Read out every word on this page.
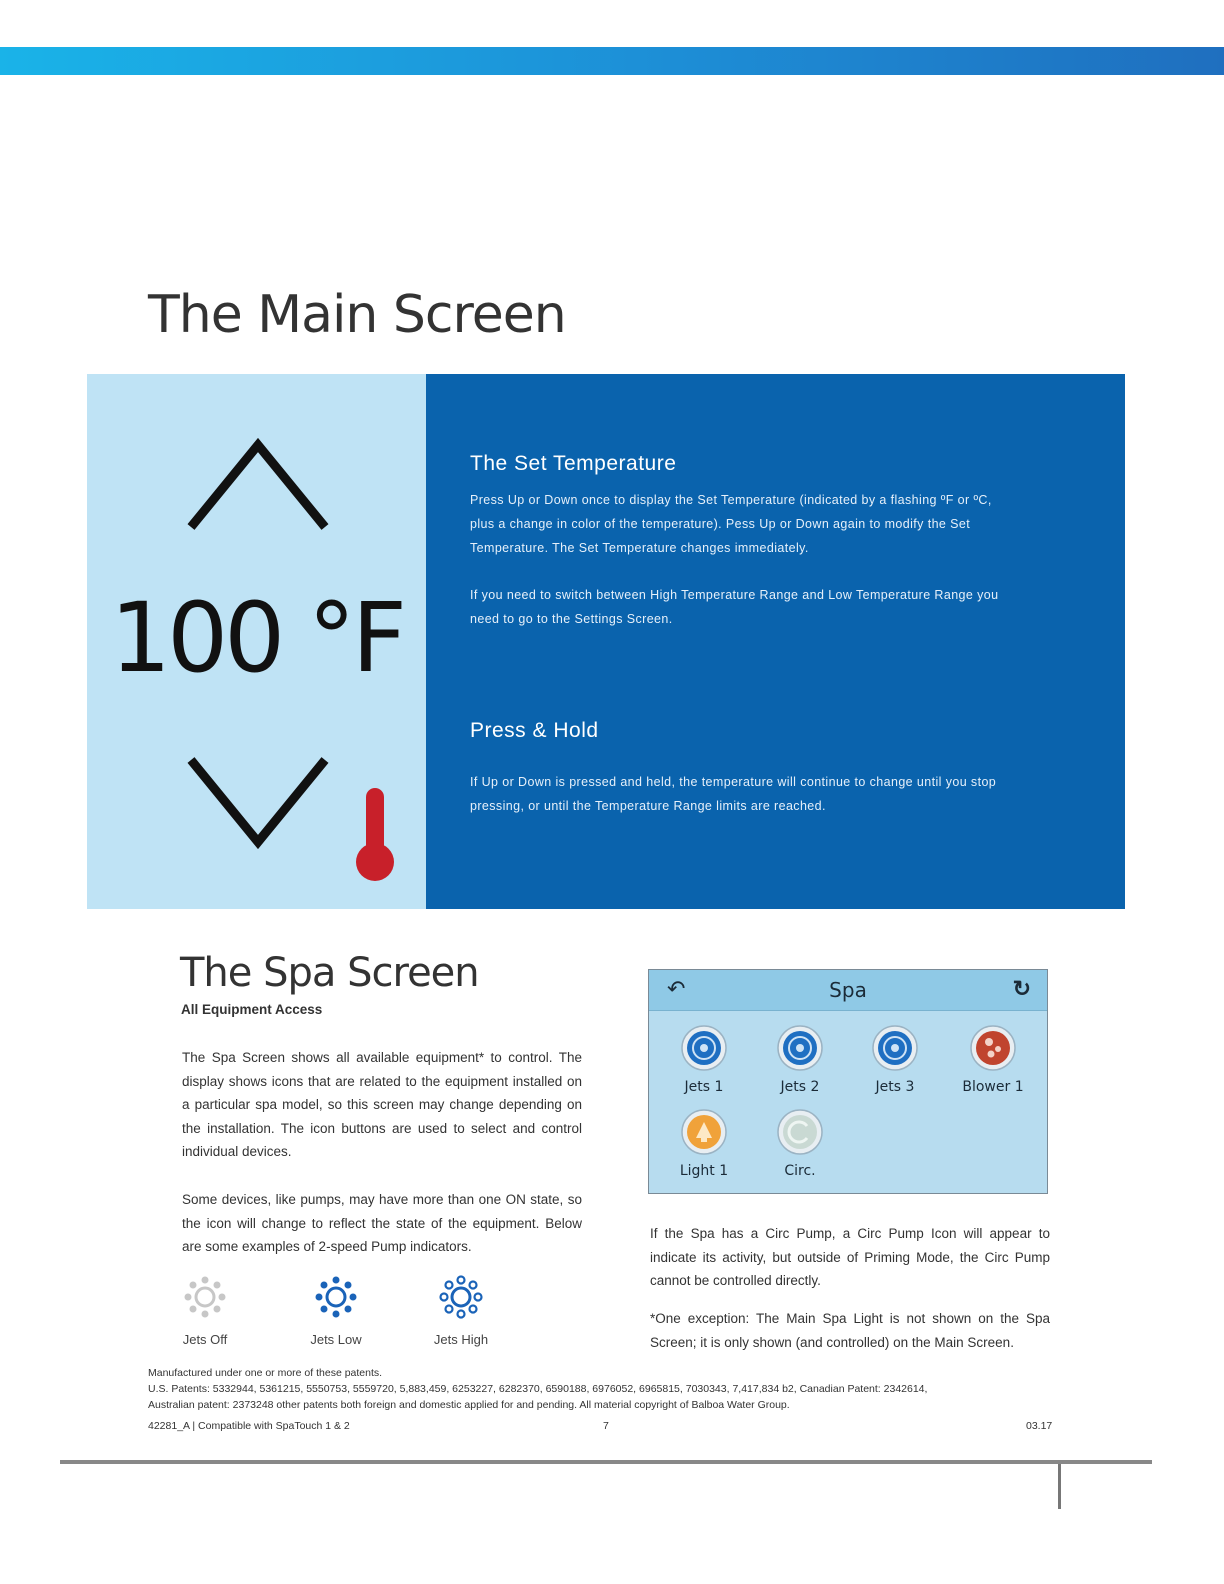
The Main Screen
100 °F
The Set Temperature

Press Up or Down once to display the Set Temperature (indicated by a flashing ºF or ºC, plus a change in color of the temperature). Pess Up or Down again to modify the Set Temperature. The Set Temperature changes immediately.

If you need to switch between High Temperature Range and Low Temperature Range you need to go to the Settings Screen.

Press & Hold

If Up or Down is pressed and held, the temperature will continue to change until you stop pressing, or until the Temperature Range limits are reached.

The Spa Screen
All Equipment Access

The Spa Screen shows all available equipment* to control. The display shows icons that are related to the equipment installed on a particular spa model, so this screen may change depending on the installation. The icon buttons are used to select and control individual devices.

Some devices, like pumps, may have more than one ON state, so the icon will change to reflect the state of the equipment. Below are some examples of 2-speed Pump indicators.

Jets Off	Jets Low	Jets High
↶	Spa	↻
Jets 1	Jets 2	Jets 3	Blower 1
Light 1	Circ.

If the Spa has a Circ Pump, a Circ Pump Icon will appear to indicate its activity, but outside of Priming Mode, the Circ Pump cannot be controlled directly.

*One exception: The Main Spa Light is not shown on the Spa Screen; it is only shown (and controlled) on the Main Screen.

Manufactured under one or more of these patents.
U.S. Patents: 5332944, 5361215, 5550753, 5559720, 5,883,459, 6253227, 6282370, 6590188, 6976052, 6965815, 7030343, 7,417,834 b2, Canadian Patent: 2342614,
Australian patent: 2373248 other patents both foreign and domestic applied for and pending. All material copyright of Balboa Water Group.
42281_A | Compatible with SpaTouch 1 & 2	7	03.17
